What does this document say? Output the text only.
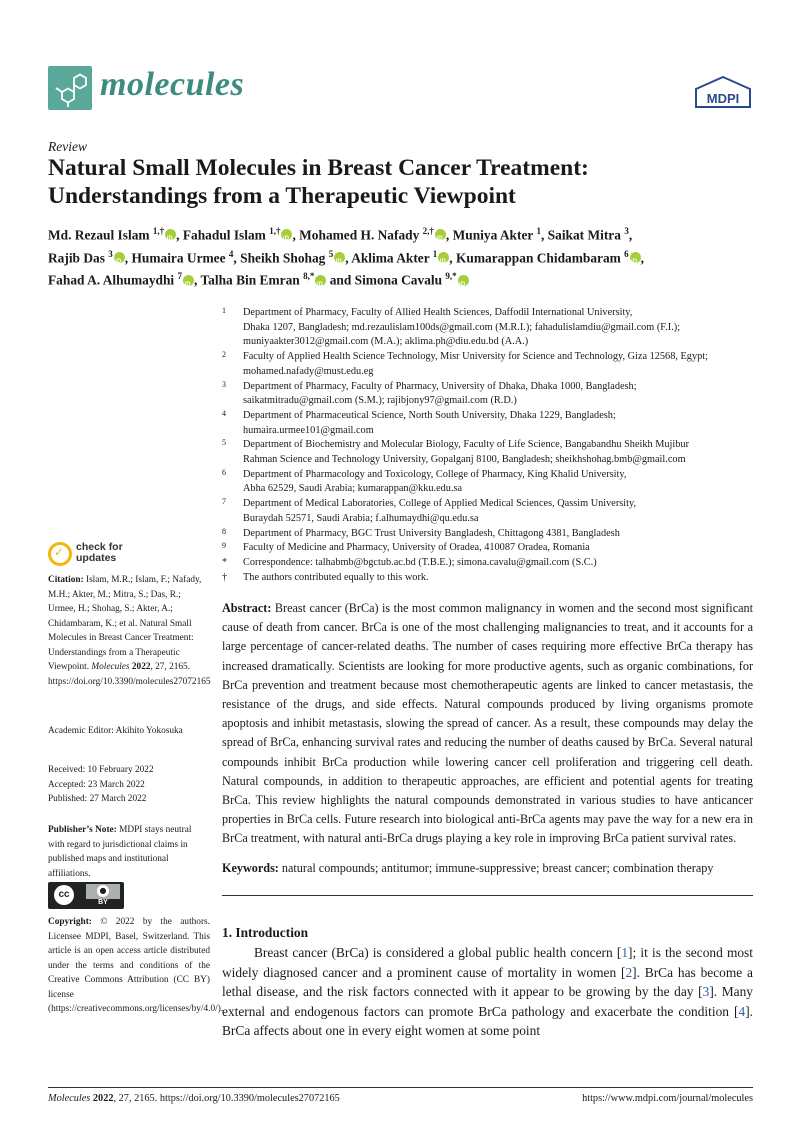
molecules	MDPI
Review
Natural Small Molecules in Breast Cancer Treatment:
Understandings from a Therapeutic Viewpoint
Md. Rezaul Islam $^{1,\dagger}$ iD , Fahadul Islam $^{1,\dagger}$ iD , Mohamed H. Nafady $^{2,\dagger}$ iD , Muniya Akter $^1$, Saikat Mitra $^3$,
Rajib Das $^3$ iD , Humaira Urmee $^4$, Sheikh Shohag $^5$ iD , Aklima Akter $^1$ iD , Kumarappan Chidambaram $^6$ iD ,
Fahad A. Alhumaydhi $^7$ iD , Talha Bin Emran $^{8,*}$ iD and Simona Cavalu $^{9,*}$iD
1 Department of Pharmacy, Faculty of Allied Health Sciences, Daffodil International University,
Dhaka 1207, Bangladesh; md.rezaulislam100ds@gmail.com (M.R.I.); fahadulislamdiu@gmail.com (F.I.);
muniyaakter3012@gmail.com (M.A.); aklima.ph@diu.edu.bd (A.A.)
2 Faculty of Applied Health Science Technology, Misr University for Science and Technology, Giza 12568, Egypt;
mohamed.nafady@must.edu.eg
3 Department of Pharmacy, Faculty of Pharmacy, University of Dhaka, Dhaka 1000, Bangladesh;
saikatmitradu@gmail.com (S.M.); rajibjony97@gmail.com (R.D.)
4 Department of Pharmaceutical Science, North South University, Dhaka 1229, Bangladesh;
humaira.urmee101@gmail.com
5 Department of Biochemistry and Molecular Biology, Faculty of Life Science, Bangabandhu Sheikh Mujibur
Rahman Science and Technology University, Gopalganj 8100, Bangladesh; sheikhshohag.bmb@gmail.com
6 Department of Pharmacology and Toxicology, College of Pharmacy, King Khalid University,
Abha 62529, Saudi Arabia; kumarappan@kku.edu.sa
7 Department of Medical Laboratories, College of Applied Medical Sciences, Qassim University,
Buraydah 52571, Saudi Arabia; f.alhumaydhi@qu.edu.sa
8 Department of Pharmacy, BGC Trust University Bangladesh, Chittagong 4381, Bangladesh
9 Faculty of Medicine and Pharmacy, University of Oradea, 410087 Oradea, Romania
* Correspondence: talhabmb@bgctub.ac.bd (T.B.E.); simona.cavalu@gmail.com (S.C.)
† The authors contributed equally to this work.
✓ check for updates
Citation: Islam, M.R.; Islam, F.; Nafady, M.H.; Akter, M.; Mitra, S.; Das, R.; Urmee, H.; Shohag, S.; Akter, A.; Chidambaram, K.; et al. Natural Small Molecules in Breast Cancer Treatment: Understandings from a Therapeutic Viewpoint. Molecules 2022, 27, 2165. https://doi.org/10.3390/molecules27072165
Academic Editor: Akihito Yokosuka
Received: 10 February 2022
Accepted: 23 March 2022
Published: 27 March 2022
Publisher’s Note: MDPI stays neutral with regard to jurisdictional claims in published maps and institutional affiliations.
cc	●
BY
Copyright: © 2022 by the authors. Licensee MDPI, Basel, Switzerland. This article is an open access article distributed under the terms and conditions of the Creative Commons Attribution (CC BY) license (https://creativecommons.org/licenses/by/4.0/).
Abstract: Breast cancer (BrCa) is the most common malignancy in women and the second most significant cause of death from cancer. BrCa is one of the most challenging malignancies to treat, and it accounts for a large percentage of cancer-related deaths. The number of cases requiring more effective BrCa therapy has increased dramatically. Scientists are looking for more productive agents, such as organic combinations, for BrCa prevention and treatment because most chemotherapeutic agents are linked to cancer metastasis, the resistance of the drugs, and side effects. Natural compounds produced by living organisms promote apoptosis and inhibit metastasis, slowing the spread of cancer. As a result, these compounds may delay the spread of BrCa, enhancing survival rates and reducing the number of deaths caused by BrCa. Several natural compounds inhibit BrCa production while lowering cancer cell proliferation and triggering cell death. Natural compounds, in addition to therapeutic approaches, are efficient and potential agents for treating BrCa. This review highlights the natural compounds demonstrated in various studies to have anticancer properties in BrCa cells. Future research into biological anti-BrCa agents may pave the way for a new era in BrCa treatment, with natural anti-BrCa drugs playing a key role in improving BrCa patient survival rates.
Keywords: natural compounds; antitumor; immune-suppressive; breast cancer; combination therapy
1. Introduction
Breast cancer (BrCa) is considered a global public health concern [1]; it is the second most widely diagnosed cancer and a prominent cause of mortality in women [2]. BrCa has become a lethal disease, and the risk factors connected with it appear to be growing by the day [3]. Many external and endogenous factors can promote BrCa pathology and exacerbate the condition [4]. BrCa affects about one in every eight women at some point
Molecules 2022, 27, 2165. https://doi.org/10.3390/molecules27072165	https://www.mdpi.com/journal/molecules
